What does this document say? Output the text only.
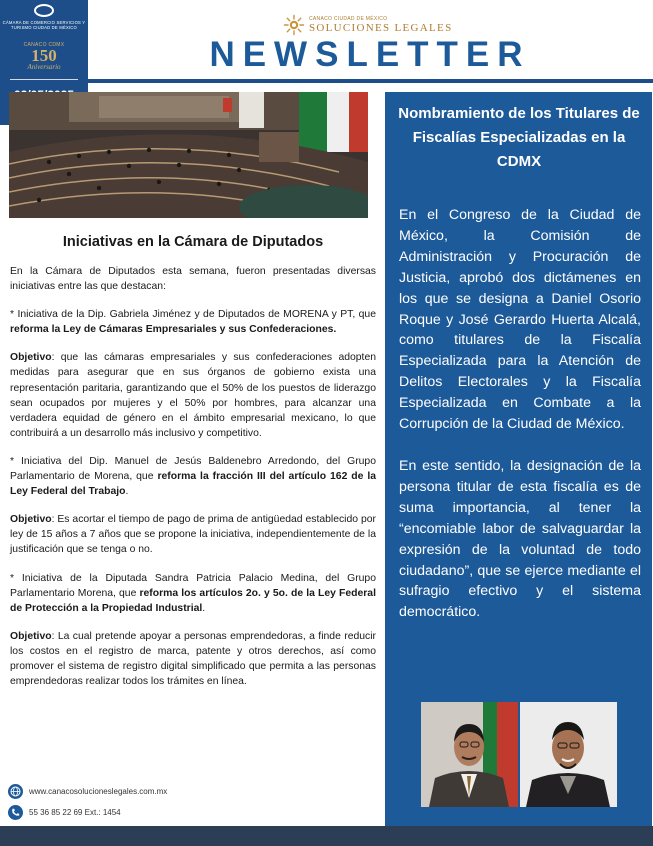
CÁMARA DE COMERCIO SERVICIOS Y TURISMO CIUDAD DE MÉXICO
CANACO CDMX
150
Aniversario
CANACO CIUDAD DE MÉXICO
SOLUCIONES LEGALES
NEWSLETTER
Iniciativas en la Cámara de Diputados

En la Cámara de Diputados esta semana, fueron presentadas diversas iniciativas entre las que destacan:

* Iniciativa de la Dip. Gabriela Jiménez y de Diputados de MORENA y PT, que reforma la Ley de Cámaras Empresariales y sus Confederaciones.

Objetivo: que las cámaras empresariales y sus confederaciones adopten medidas para asegurar que en sus órganos de gobierno exista una representación paritaria, garantizando que el 50% de los puestos de liderazgo sean ocupados por mujeres y el 50% por hombres, para alcanzar una verdadera equidad de género en el ámbito empresarial mexicano, lo que contribuirá a un desarrollo más inclusivo y competitivo.

* Iniciativa del Dip. Manuel de Jesús Baldenebro Arredondo, del Grupo Parlamentario de Morena, que reforma la fracción III del artículo 162 de la Ley Federal del Trabajo.

Objetivo: Es acortar el tiempo de pago de prima de antigüedad establecido por ley de 15 años a 7 años que se propone la iniciativa, independientemente de la justificación que se tenga o no.

* Iniciativa de la Diputada Sandra Patricia Palacio Medina, del Grupo Parlamentario Morena, que reforma los artículos 2o. y 5o. de la Ley Federal de Protección a la Propiedad Industrial.

Objetivo: La cual pretende apoyar a personas emprendedoras, a finde reducir los costos en el registro de marca, patente y otros derechos, así como promover el sistema de registro digital simplificado que permita a las personas emprendedoras realizar todos los trámites en línea.

www.canacosolucioneslegales.com.mx
55 36 85 22 69 Ext.: 1454
Nombramiento de los Titulares de Fiscalías Especializadas en la CDMX

En el Congreso de la Ciudad de México, la Comisión de Administración y Procuración de Justicia, aprobó dos dictámenes en los que se designa a Daniel Osorio Roque y José Gerardo Huerta Alcalá, como titulares de la Fiscalía Especializada para la Atención de Delitos Electorales y la Fiscalía Especializada en Combate a la Corrupción de la Ciudad de México.

En este sentido, la designación de la persona titular de esta fiscalía es de suma importancia, al tener la “encomiable labor de salvaguardar la expresión de la voluntad de todo ciudadano”, que se ejerce mediante el sufragio efectivo y el sistema democrático.
